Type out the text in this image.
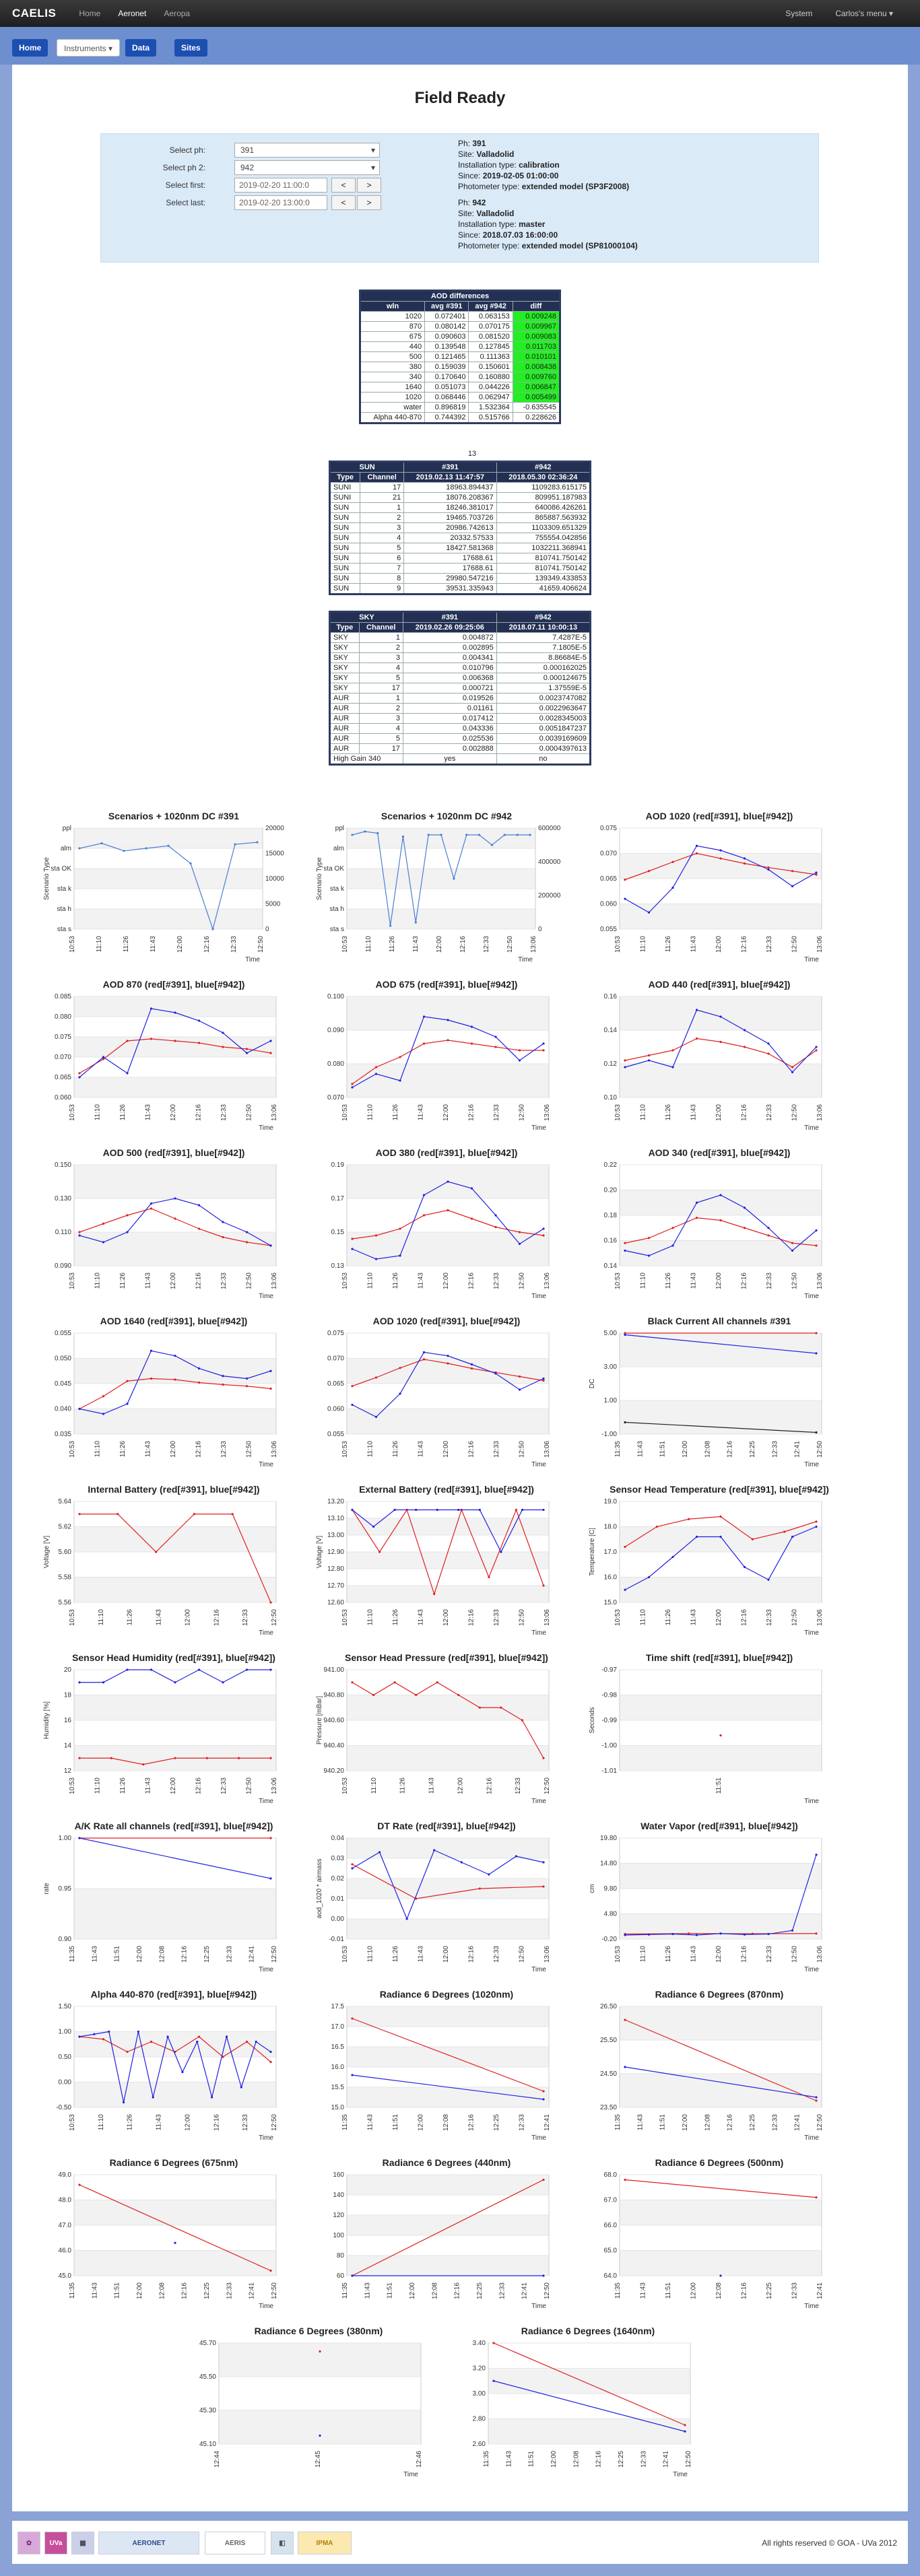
CAELIS	Home Aeronet Aeropa	System	Carlos's menu ▾
Home	Instruments ▾	Data	Sites
Field Ready
Select ph:	391 ▾
Select ph 2:	942 ▾
Select first:	2019-02-20 11:00:0	<	>
Select last:	2019-02-20 13:00:0	<	>
Ph: 391
Site: Valladolid
Installation type: calibration
Since: 2019-02-05 01:00:00
Photometer type: extended model (SP3F2008)
Ph: 942
Site: Valladolid
Installation type: master
Since: 2018.07.03 16:00:00
Photometer type: extended model (SP81000104)
AOD differences			
wln	avg #391	avg #942	diff
1020	0.072401	0.063153	0.009248
870	0.080142	0.070175	0.009967
675	0.090603	0.081520	0.009083
440	0.139548	0.127845	0.011703
500	0.121465	0.111363	0.010101
380	0.159039	0.150601	0.008438
340	0.170640	0.160880	0.009760
1640	0.051073	0.044226	0.006847
1020	0.068446	0.062947	0.005499
water	0.896819	1.532364	-0.635545
Alpha 440-870	0.744392	0.515766	0.228626
13
SUN		#391	#942
Type	Channel	2019.02.13 11:47:57	2018.05.30 02:36:24
SUNI	17	18963.894437	1109283.615175
SUNI	21	18076.208367	809951.187983
SUN	1	18246.381017	640086.426261
SUN	2	19465.703726	865887.563932
SUN	3	20986.742613	1103309.651329
SUN	4	20332.57533	755554.042856
SUN	5	18427.581368	1032211.368941
SUN	6	17688.61	810741.750142
SUN	7	17688.61	810741.750142
SUN	8	29980.547216	139349.433853
SUN	9	39531.335943	41659.406624
SKY		#391	#942
Type	Channel	2019.02.26 09:25:06	2018.07.11 10:00:13
SKY	1	0.004872	7.4287E-5
SKY	2	0.002895	7.1805E-5
SKY	3	0.004341	8.86684E-5
SKY	4	0.010796	0.000162025
SKY	5	0.006368	0.000124675
SKY	17	0.000721	1.37559E-5
AUR	1	0.019526	0.0023747082
AUR	2	0.01161	0.0022963647
AUR	3	0.017412	0.0028345003
AUR	4	0.043336	0.0051847237
AUR	5	0.025536	0.0039169609
AUR	17	0.002888	0.0004397613
High Gain 340		yes	no
Scenarios + 1020nm DC #391
sta s
sta h
sta k
sta OK
alm
ppl
0
5000
10000
15000
20000
Scenario Type
10:53	11:10	11:26	11:43	12:00	12:16	12:33	12:50
Time
Scenarios + 1020nm DC #942
sta s
sta h
sta k
sta OK
alm
ppl
0
200000
400000
600000
Scenario Type
10:53 11:10 11:26 11:43 12:00 12:16 12:33 12:50 13:06
Time
AOD 1020 (red[#391], blue[#942])
0.055
0.060
0.065
0.070
0.075
10:53	11:10	11:26	11:43	12:00	12:16	12:33	12:50	13:06
Time
AOD 870 (red[#391], blue[#942])
0.060
0.065
0.070
0.075
0.080
0.085
10:53	11:10	11:26	11:43	12:00	12:16	12:33	12:50	13:06
Time
AOD 675 (red[#391], blue[#942])
0.070
0.080
0.090
0.100
10:53	11:10	11:26	11:43	12:00	12:16	12:33	12:50	13:06
Time
AOD 440 (red[#391], blue[#942])
0.10
0.12
0.14
0.16
10:53	11:10	11:26	11:43	12:00	12:16	12:33	12:50	13:06
Time
AOD 500 (red[#391], blue[#942])
0.090
0.110
0.130
0.150
10:53	11:10	11:26	11:43	12:00	12:16	12:33	12:50	13:06
Time
AOD 380 (red[#391], blue[#942])
0.13
0.15
0.17
0.19
10:53	11:10	11:26	11:43	12:00	12:16	12:33	12:50	13:06
Time
AOD 340 (red[#391], blue[#942])
0.14
0.16
0.18
0.20
0.22
10:53	11:10	11:26	11:43	12:00	12:16	12:33	12:50	13:06
Time
AOD 1640 (red[#391], blue[#942])
0.035
0.040
0.045
0.050
0.055
10:53	11:10	11:26	11:43	12:00	12:16	12:33	12:50	13:06
Time
AOD 1020 (red[#391], blue[#942])
0.055
0.060
0.065
0.070
0.075
10:53	11:10	11:26	11:43	12:00	12:16	12:33	12:50	13:06
Time
Black Current All channels #391
-1.00
1.00
3.00
5.00
DC
11:35 11:43 11:51 12:00 12:08 12:16 12:25 12:33 12:41 12:50
Time
Internal Battery (red[#391], blue[#942])
5.56
5.58
5.60
5.62
5.64
Voltage [V]
10:53	11:10	11:26	11:43	12:00	12:16	12:33	12:50
Time
External Battery (red[#391], blue[#942])
12.60
12.70
12.80
12.90
13.00
13.10
13.20
Voltage [V]
10:53	11:10	11:26	11:43	12:00	12:16	12:33	12:50	13:06
Time
Sensor Head Temperature (red[#391], blue[#942])
15.0
16.0
17.0
18.0
19.0
Temperature [C]
10:53	11:10	11:26	11:43	12:00	12:16	12:33	12:50	13:06
Time
Sensor Head Humidity (red[#391], blue[#942])
12
14
16
18
20
Humidity [%]
10:53	11:10	11:26	11:43	12:00	12:16	12:33	12:50	13:06
Time
Sensor Head Pressure (red[#391], blue[#942])
940.20
940.40
940.60
940.80
941.00
Pressure [mBar]
10:53	11:10	11:26	11:43	12:00	12:16	12:33	12:50
Time
Time shift (red[#391], blue[#942])
-1.01
-1.00
-0.99
-0.98
-0.97
Seconds
11:51
Time
A/K Rate all channels (red[#391], blue[#942])
0.90
0.95
1.00
rate
11:35 11:43 11:51 12:00 12:08 12:16 12:25 12:33 12:41 12:50
Time
DT Rate (red[#391], blue[#942])
-0.01
0.00
0.01
0.02
0.03
0.04
aod_1020 * airmass
10:53	11:10	11:26	11:43	12:00	12:16	12:33	12:50	13:06
Time
Water Vapor (red[#391], blue[#942])
-0.20
4.80
9.80
14.80
19.80
cm
10:53	11:10	11:26	11:43	12:00	12:16	12:33	12:50	13:06
Time
Alpha 440-870 (red[#391], blue[#942])
-0.50
0.00
0.50
1.00
1.50
10:53	11:10	11:26	11:43	12:00	12:16	12:33	12:50
Time
Radiance 6 Degrees (1020nm)
15.0
15.5
16.0
16.5
17.0
17.5
11:35	11:43	11:51	12:00	12:08	12:16	12:25	12:33	12:41
Time
Radiance 6 Degrees (870nm)
23.50
24.50
25.50
26.50
11:35 11:43 11:51 12:00 12:08 12:16 12:25 12:33 12:41 12:50
Time
Radiance 6 Degrees (675nm)
45.0
46.0
47.0
48.0
49.0
11:35 11:43 11:51 12:00 12:08 12:16 12:25 12:33 12:41 12:50
Time
Radiance 6 Degrees (440nm)
60
80
100
120
140
160
11:35 11:43 11:51 12:00 12:08 12:16 12:25 12:33 12:41 12:50
Time
Radiance 6 Degrees (500nm)
64.0
65.0
66.0
67.0
68.0
11:35	11:43	11:51	12:00	12:08	12:16	12:25	12:33	12:41
Time
Radiance 6 Degrees (380nm)
45.10
45.30
45.50
45.70
12:44	12:45	12:46
Time
Radiance 6 Degrees (1640nm)
2.60
2.80
3.00
3.20
3.40
11:35 11:43 11:51 12:00 12:08 12:16 12:25 12:33 12:41 12:50
Time
✿	UVa	▦	AERONET	AERIS	◧	IPMA	All rights reserved © GOA - UVa 2012
